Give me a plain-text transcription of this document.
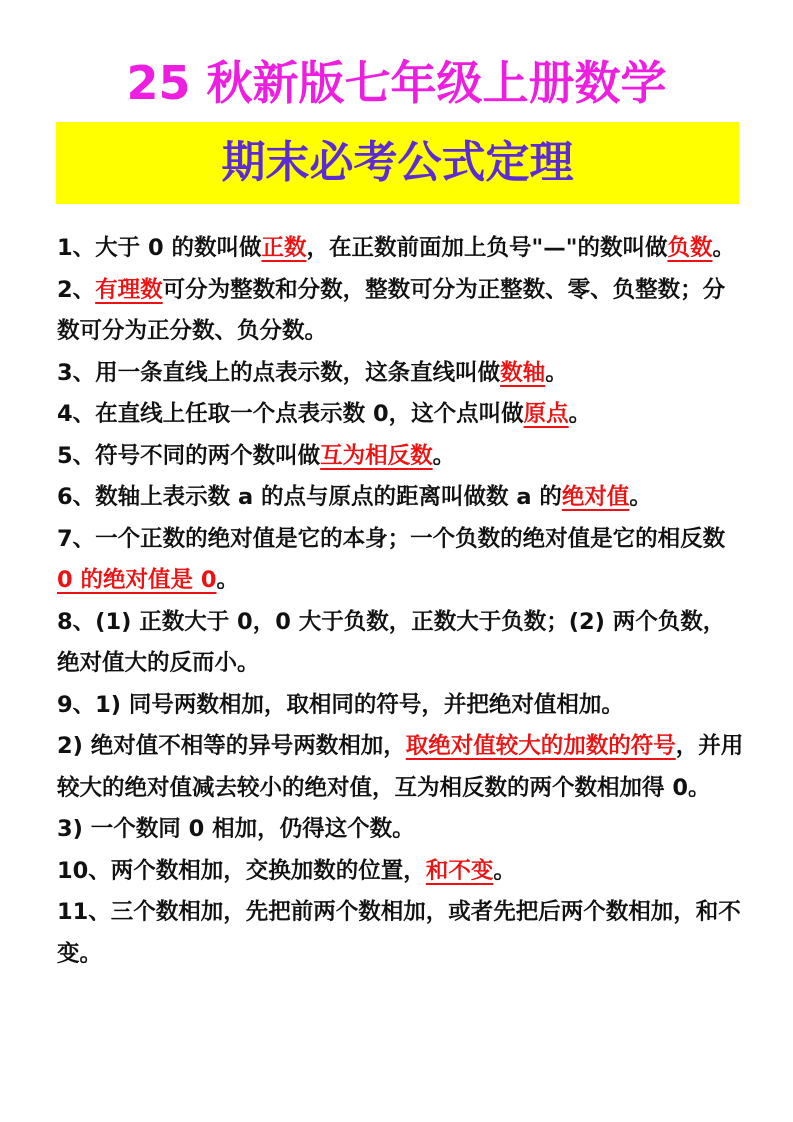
25 秋新版七年级上册数学
期末必考公式定理

1、大于 0 的数叫做正数，在正数前面加上负号"—"的数叫做负数。

2、有理数可分为整数和分数，整数可分为正整数、零、负整数；分数可分为正分数、负分数。

3、用一条直线上的点表示数，这条直线叫做数轴。

4、在直线上任取一个点表示数 0，这个点叫做原点。

5、符号不同的两个数叫做互为相反数。

6、数轴上表示数 a 的点与原点的距离叫做数 a 的绝对值。

7、一个正数的绝对值是它的本身；一个负数的绝对值是它的相反数 0 的绝对值是 0。

8、(1) 正数大于 0，0 大于负数，正数大于负数；(2) 两个负数，绝对值大的反而小。

9、1) 同号两数相加，取相同的符号，并把绝对值相加。

2) 绝对值不相等的异号两数相加，取绝对值较大的加数的符号，并用较大的绝对值减去较小的绝对值，互为相反数的两个数相加得 0。

3) 一个数同 0 相加，仍得这个数。

10、两个数相加，交换加数的位置，和不变。

11、三个数相加，先把前两个数相加，或者先把后两个数相加，和不变。
